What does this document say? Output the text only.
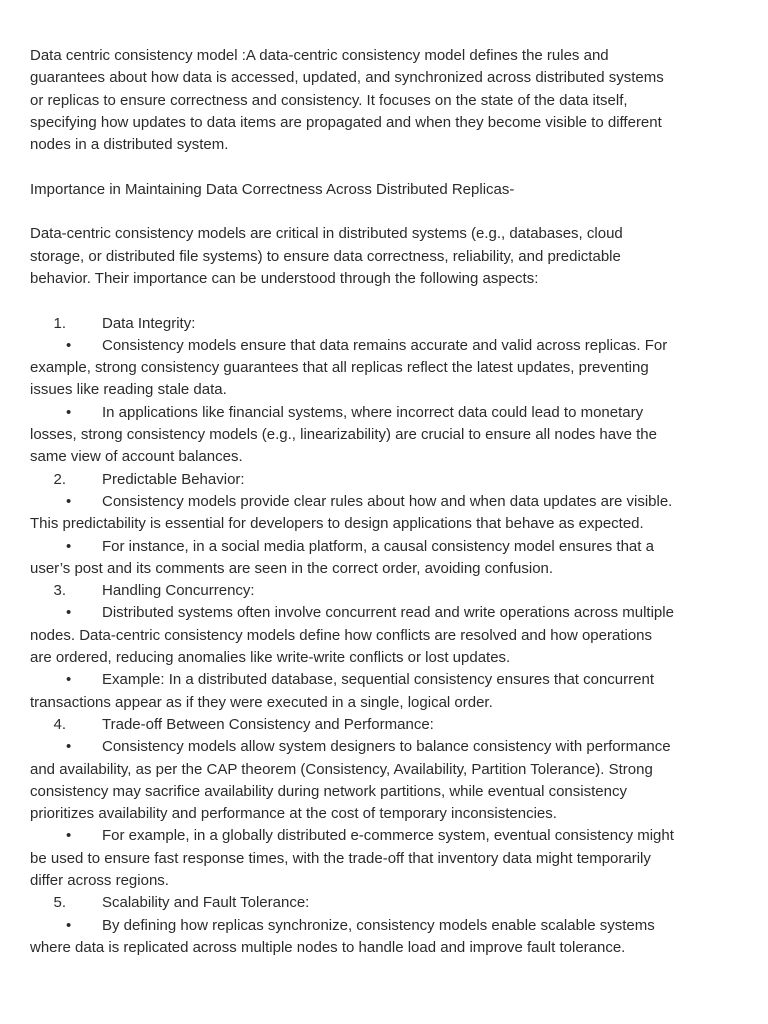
Data centric consistency model :A data-centric consistency model defines the rules and
guarantees about how data is accessed, updated, and synchronized across distributed systems
or replicas to ensure correctness and consistency. It focuses on the state of the data itself,
specifying how updates to data items are propagated and when they become visible to different
nodes in a distributed system.
Importance in Maintaining Data Correctness Across Distributed Replicas-
Data-centric consistency models are critical in distributed systems (e.g., databases, cloud
storage, or distributed file systems) to ensure data correctness, reliability, and predictable
behavior. Their importance can be understood through the following aspects:
1. Data Integrity:
• Consistency models ensure that data remains accurate and valid across replicas. For
example, strong consistency guarantees that all replicas reflect the latest updates, preventing
issues like reading stale data.
• In applications like financial systems, where incorrect data could lead to monetary
losses, strong consistency models (e.g., linearizability) are crucial to ensure all nodes have the
same view of account balances.
2. Predictable Behavior:
• Consistency models provide clear rules about how and when data updates are visible.
This predictability is essential for developers to design applications that behave as expected.
• For instance, in a social media platform, a causal consistency model ensures that a
user’s post and its comments are seen in the correct order, avoiding confusion.
3. Handling Concurrency:
• Distributed systems often involve concurrent read and write operations across multiple
nodes. Data-centric consistency models define how conflicts are resolved and how operations
are ordered, reducing anomalies like write-write conflicts or lost updates.
• Example: In a distributed database, sequential consistency ensures that concurrent
transactions appear as if they were executed in a single, logical order.
4. Trade-off Between Consistency and Performance:
• Consistency models allow system designers to balance consistency with performance
and availability, as per the CAP theorem (Consistency, Availability, Partition Tolerance). Strong
consistency may sacrifice availability during network partitions, while eventual consistency
prioritizes availability and performance at the cost of temporary inconsistencies.
• For example, in a globally distributed e-commerce system, eventual consistency might
be used to ensure fast response times, with the trade-off that inventory data might temporarily
differ across regions.
5. Scalability and Fault Tolerance:
• By defining how replicas synchronize, consistency models enable scalable systems
where data is replicated across multiple nodes to handle load and improve fault tolerance.
